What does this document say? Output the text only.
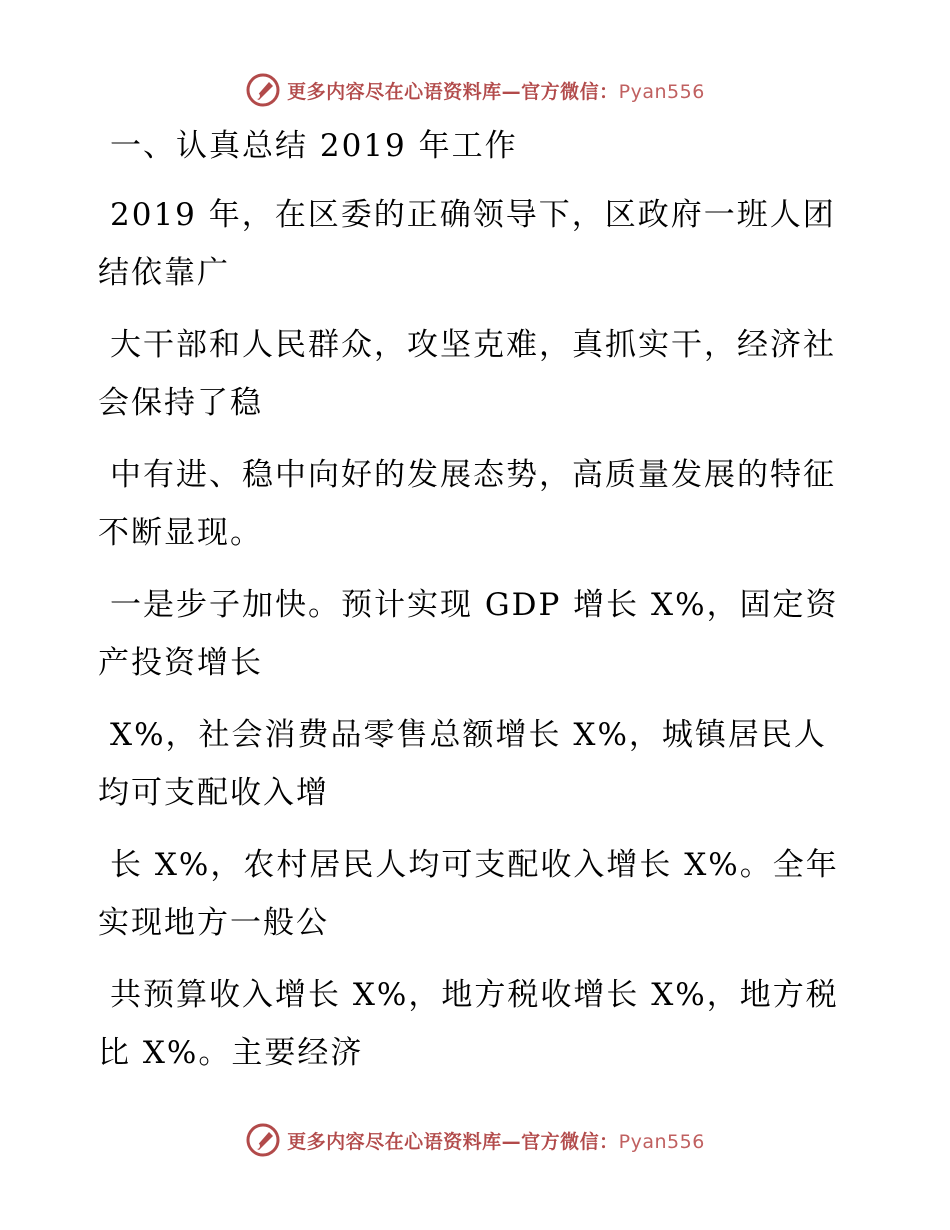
更多内容尽在心语资料库—官方微信：Pyan556
一、认真总结 2019 年工作

2019 年，在区委的正确领导下，区政府一班人团结依靠广

大干部和人民群众，攻坚克难，真抓实干，经济社会保持了稳

中有进、稳中向好的发展态势，高质量发展的特征不断显现。

一是步子加快。预计实现 GDP 增长 X%，固定资产投资增长

X%，社会消费品零售总额增长 X%，城镇居民人均可支配收入增

长 X%，农村居民人均可支配收入增长 X%。全年实现地方一般公

共预算收入增长 X%，地方税收增长 X%，地方税比 X%。主要经济

更多内容尽在心语资料库—官方微信：Pyan556
